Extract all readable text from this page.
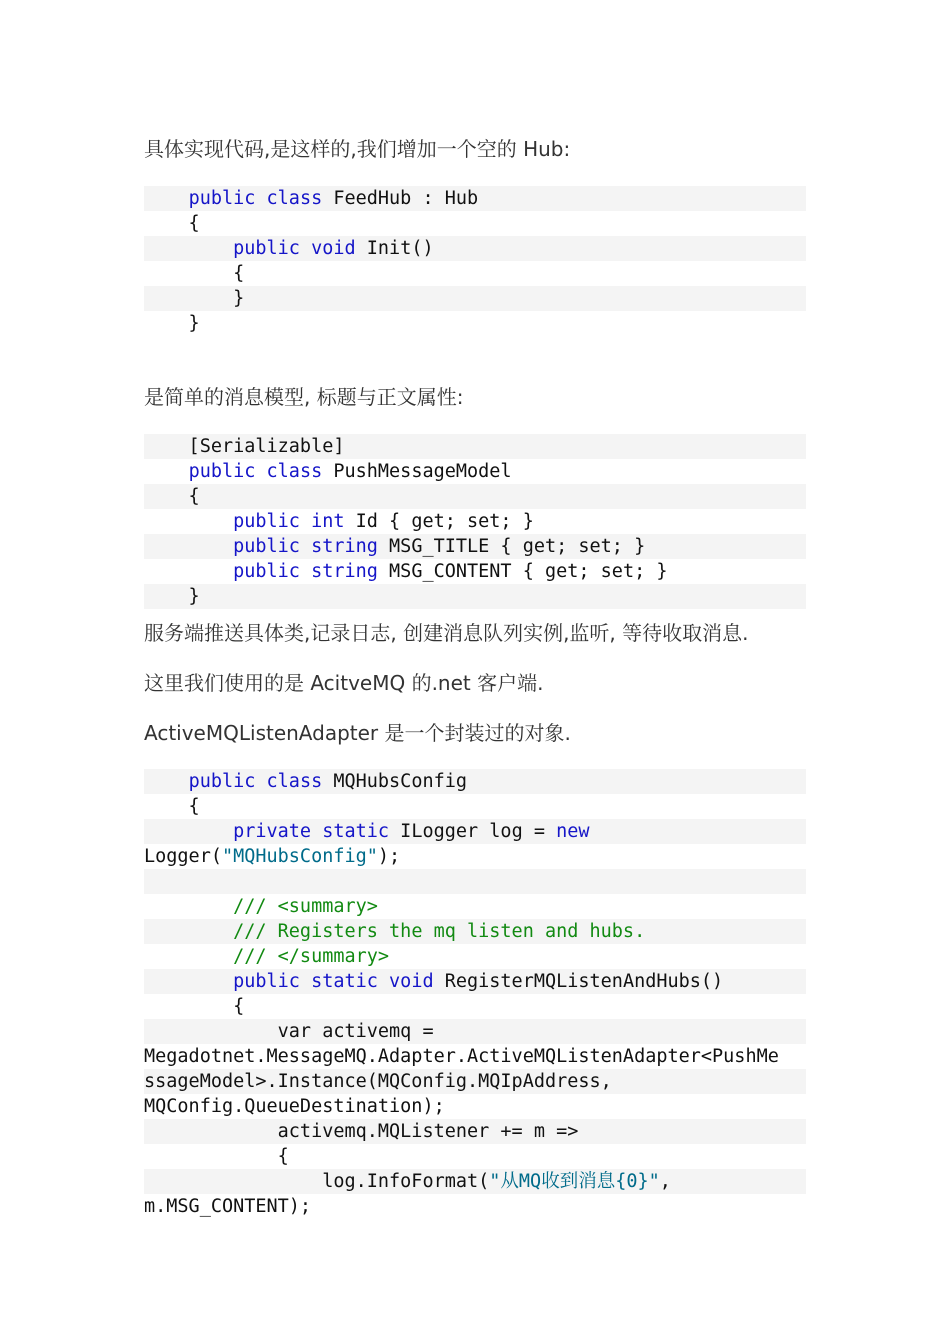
具体实现代码,是这样的,我们增加一个空的 Hub:
public class FeedHub : Hub
{
public void Init()
{
}
}
是简单的消息模型, 标题与正文属性:
[Serializable]
public class PushMessageModel
{
public int Id { get; set; }
public string MSG_TITLE { get; set; }
public string MSG_CONTENT { get; set; }
}
服务端推送具体类,记录日志, 创建消息队列实例,监听, 等待收取消息.
这里我们使用的是 AcitveMQ 的.net 客户端.
ActiveMQListenAdapter 是一个封装过的对象.
public class MQHubsConfig
{
private static ILogger log = new
Logger("MQHubsConfig");
/// <summary>
/// Registers the mq listen and hubs.
/// </summary>
public static void RegisterMQListenAndHubs()
{
var activemq =
Megadotnet.MessageMQ.Adapter.ActiveMQListenAdapter<PushMe
ssageModel>.Instance(MQConfig.MQIpAddress,
MQConfig.QueueDestination);
activemq.MQListener += m =>
{
log.InfoFormat("从MQ收到消息{0}",
m.MSG_CONTENT);
